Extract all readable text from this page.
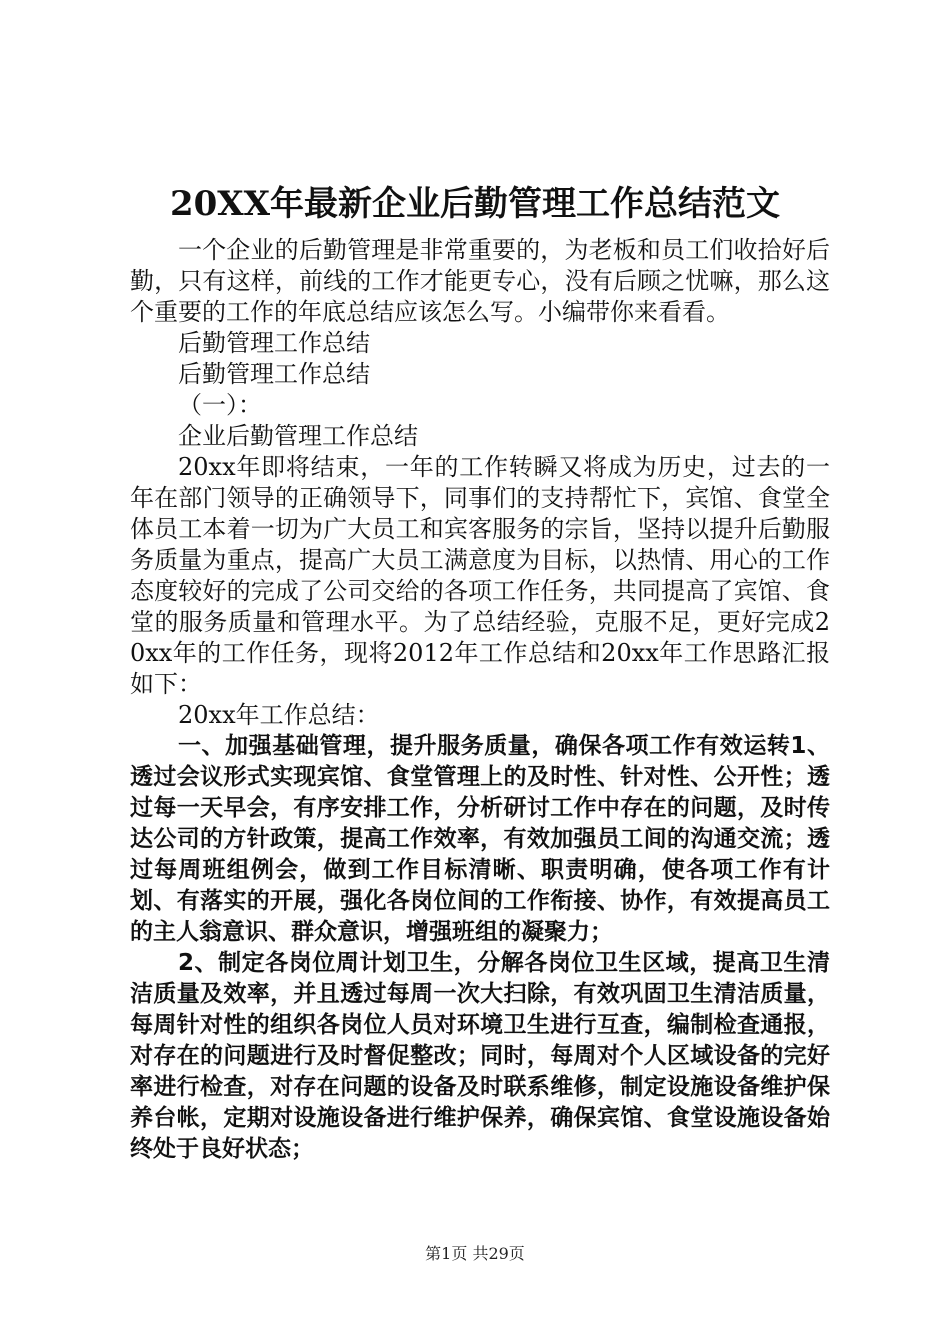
20XX年最新企业后勤管理工作总结范文

一个企业的后勤管理是非常重要的，为老板和员工们收拾好后勤，只有这样，前线的工作才能更专心，没有后顾之忧嘛，那么这个重要的工作的年底总结应该怎么写。小编带你来看看。

后勤管理工作总结

后勤管理工作总结

（一）：

企业后勤管理工作总结

20xx年即将结束，一年的工作转瞬又将成为历史，过去的一年在部门领导的正确领导下，同事们的支持帮忙下，宾馆、食堂全体员工本着一切为广大员工和宾客服务的宗旨，坚持以提升后勤服务质量为重点，提高广大员工满意度为目标，以热情、用心的工作态度较好的完成了公司交给的各项工作任务，共同提高了宾馆、食堂的服务质量和管理水平。为了总结经验，克服不足，更好完成20xx年的工作任务，现将2012年工作总结和20xx年工作思路汇报如下：

20xx年工作总结：

一、加强基础管理，提升服务质量，确保各项工作有效运转1、透过会议形式实现宾馆、食堂管理上的及时性、针对性、公开性；透过每一天早会，有序安排工作，分析研讨工作中存在的问题，及时传达公司的方针政策，提高工作效率，有效加强员工间的沟通交流；透过每周班组例会，做到工作目标清晰、职责明确，使各项工作有计划、有落实的开展，强化各岗位间的工作衔接、协作，有效提高员工的主人翁意识、群众意识，增强班组的凝聚力；

2、制定各岗位周计划卫生，分解各岗位卫生区域，提高卫生清洁质量及效率，并且透过每周一次大扫除，有效巩固卫生清洁质量，每周针对性的组织各岗位人员对环境卫生进行互查，编制检查通报，对存在的问题进行及时督促整改；同时，每周对个人区域设备的完好率进行检查，对存在问题的设备及时联系维修，制定设施设备维护保养台帐，定期对设施设备进行维护保养，确保宾馆、食堂设施设备始终处于良好状态；

第1页 共29页
